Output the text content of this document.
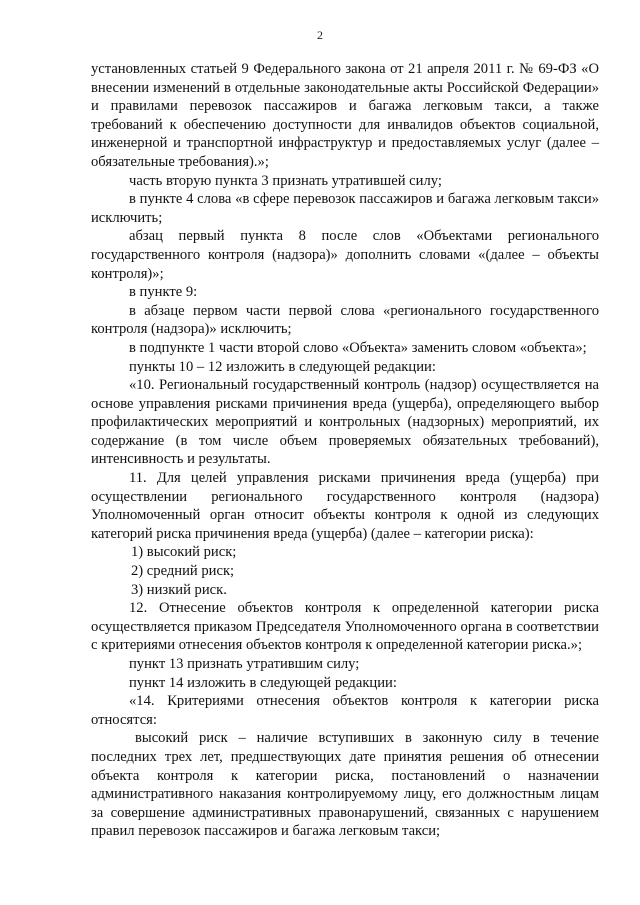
2

установленных статьей 9 Федерального закона от 21 апреля 2011 г. № 69-ФЗ «О внесении изменений в отдельные законодательные акты Российской Федерации» и правилами перевозок пассажиров и багажа легковым такси, а также требований к обеспечению доступности для инвалидов объектов социальной, инженерной и транспортной инфраструктур и предоставляемых услуг (далее – обязательные требования).»;

часть вторую пункта 3 признать утратившей силу;

в пункте 4 слова «в сфере перевозок пассажиров и багажа легковым такси» исключить;

абзац первый пункта 8 после слов «Объектами регионального государственного контроля (надзора)» дополнить словами «(далее – объекты контроля)»;

в пункте 9:

в абзаце первом части первой слова «регионального государственного контроля (надзора)» исключить;

в подпункте 1 части второй слово «Объекта» заменить словом «объекта»;

пункты 10 – 12 изложить в следующей редакции:

«10. Региональный государственный контроль (надзор) осуществляется на основе управления рисками причинения вреда (ущерба), определяющего выбор профилактических мероприятий и контрольных (надзорных) мероприятий, их содержание (в том числе объем проверяемых обязательных требований), интенсивность и результаты.

11. Для целей управления рисками причинения вреда (ущерба) при осуществлении регионального государственного контроля (надзора) Уполномоченный орган относит объекты контроля к одной из следующих категорий риска причинения вреда (ущерба) (далее – категории риска):

1) высокий риск;

2) средний риск;

3) низкий риск.

12. Отнесение объектов контроля к определенной категории риска осуществляется приказом Председателя Уполномоченного органа в соответствии с критериями отнесения объектов контроля к определенной категории риска.»;

пункт 13 признать утратившим силу;

пункт 14 изложить в следующей редакции:

«14. Критериями отнесения объектов контроля к категории риска относятся:

высокий риск – наличие вступивших в законную силу в течение последних трех лет, предшествующих дате принятия решения об отнесении объекта контроля к категории риска, постановлений о назначении административного наказания контролируемому лицу, его должностным лицам за совершение административных правонарушений, связанных с нарушением правил перевозок пассажиров и багажа легковым такси;
